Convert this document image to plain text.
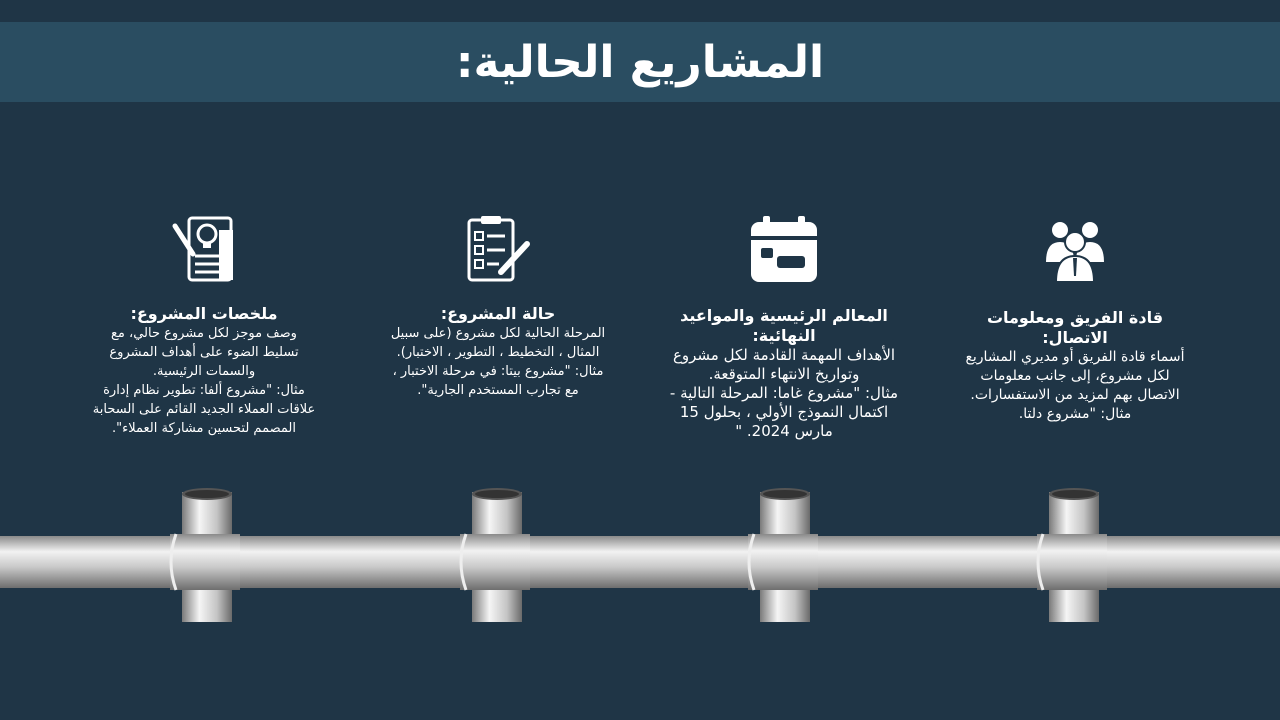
المشاريع الحالية:
ملخصات المشروع:

وصف موجز لكل مشروع حالي، مع

تسليط الضوء على أهداف المشروع

والسمات الرئيسية.

مثال: "مشروع ألفا: تطوير نظام إدارة

علاقات العملاء الجديد القائم على السحابة

المصمم لتحسين مشاركة العملاء".

حالة المشروع:

المرحلة الحالية لكل مشروع (على سبيل

المثال ، التخطيط ، التطوير ، الاختبار).

مثال: "مشروع بيتا: في مرحلة الاختبار ،

مع تجارب المستخدم الجارية".

المعالم الرئيسية والمواعيد
النهائية:

الأهداف المهمة القادمة لكل مشروع

وتواريخ الانتهاء المتوقعة.

مثال: "مشروع غاما: المرحلة التالية -

اكتمال النموذج الأولي ، بحلول 15

مارس 2024. "

قادة الفريق ومعلومات الاتصال:

أسماء قادة الفريق أو مديري المشاريع

لكل مشروع، إلى جانب معلومات

الاتصال بهم لمزيد من الاستفسارات.

مثال: "مشروع دلتا.
